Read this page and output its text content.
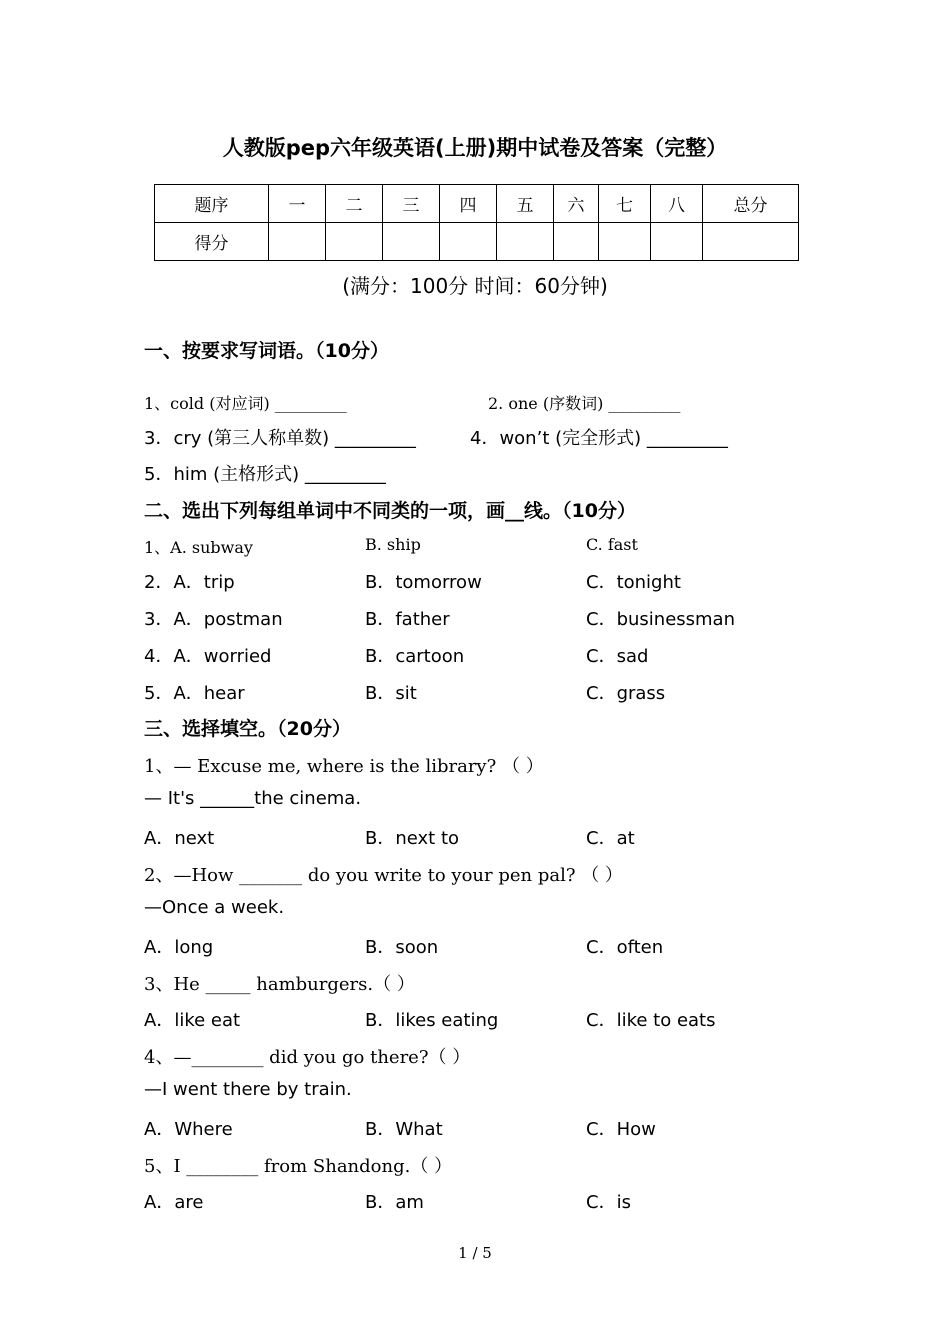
人教版pep六年级英语(上册)期中试卷及答案（完整）
题序	一	二	三	四	五	六	七	八	总分
得分									
(满分：100分 时间：60分钟)
一、按要求写词语。（10分）
1、cold (对应词) _________	2. one (序数词) _________
3．cry (第三人称单数) _________	4．won’t (完全形式) _________
5．him (主格形式) _________
二、选出下列每组单词中不同类的一项，画__线。（10分）
1、A. subway	B. ship	C. fast
2．A．trip	B．tomorrow	C．tonight
3．A．postman	B．father	C．businessman
4．A．worried	B．cartoon	C．sad
5．A．hear	B．sit	C．grass
三、选择填空。（20分）
1、— Excuse me, where is the library? （ ）
— It's ______the cinema.
A．next	B．next to	C．at
2、—How _______ do you write to your pen pal? （ ）
—Once a week.
A．long	B．soon	C．often
3、He _____ hamburgers.（ ）
A．like eat	B．likes eating	C．like to eats
4、—________ did you go there?（ ）
—I went there by train.
A．Where	B．What	C．How
5、I ________ from Shandong.（ ）
A．are	B．am	C．is
1 / 5
